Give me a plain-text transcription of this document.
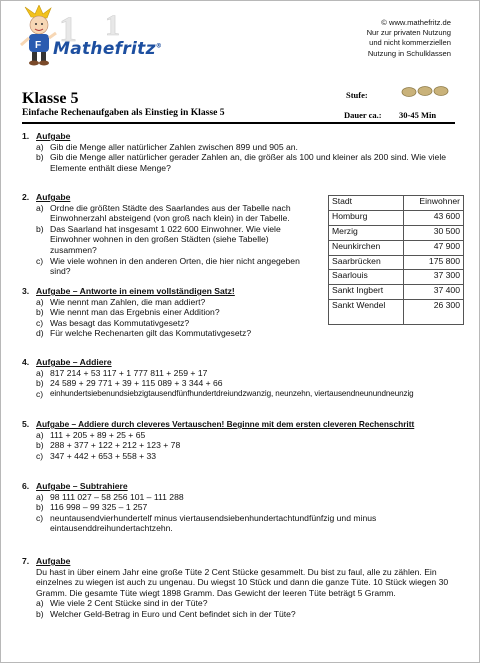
1 1
F Mathefritz®
© www.mathefritz.de
Nur zur privaten Nutzung
und nicht kommerziellen
Nutzung in Schulklassen
Klasse 5
Einfache Rechenaufgaben als Einstieg in Klasse 5
Stufe:
Dauer ca.: 30-45 Min
1. Aufgabe
a) Gib die Menge aller natürlicher Zahlen zwischen 899 und 905 an.
b) Gib die Menge aller natürlicher gerader Zahlen an, die größer als 100 und kleiner als 200 sind. Wie viele Elemente enthält diese Menge?
2. Aufgabe
a) Ordne die größten Städte des Saarlandes aus der Tabelle nach Einwohnerzahl absteigend (von groß nach klein) in der Tabelle.
b) Das Saarland hat insgesamt 1 022 600 Einwohner. Wie viele Einwohner wohnen in den großen Städten (siehe Tabelle) zusammen?
c) Wie viele wohnen in den anderen Orten, die hier nicht angegeben sind?
Stadt	Einwohner
Homburg	43 600
Merzig	30 500
Neunkirchen	47 900
Saarbrücken	175 800
Saarlouis	37 300
Sankt Ingbert	37 400
Sankt Wendel	26 300
3. Aufgabe – Antworte in einem vollständigen Satz!
a) Wie nennt man Zahlen, die man addiert?
b) Wie nennt man das Ergebnis einer Addition?
c) Was besagt das Kommutativgesetz?
d) Für welche Rechenarten gilt das Kommutativgesetz?
4. Aufgabe – Addiere
a) 817 214 + 53 117 + 1 777 811 + 259 + 17
b) 24 589 + 29 771 + 39 + 115 089 + 3 344 + 66
c) einhundertsiebenundsiebzigtausendfünfhundertdreiundzwanzig, neunzehn, viertausendneunundneunzig
5. Aufgabe – Addiere durch cleveres Vertauschen! Beginne mit dem ersten cleveren Rechenschritt
a) 111 + 205 + 89 + 25 + 65
b) 288 + 377 + 122 + 212 + 123 + 78
c) 347 + 442 + 653 + 558 + 33
6. Aufgabe – Subtrahiere
a) 98 111 027 – 58 256 101 – 111 288
b) 116 998 – 99 325 – 1 257
c) neuntausendvierhundertelf minus viertausendsiebenhundertachtundfünfzig und minus eintausenddreihundertachtzehn.
7. Aufgabe
Du hast in über einem Jahr eine große Tüte 2 Cent Stücke gesammelt. Du bist zu faul, alle zu zählen. Ein einzelnes zu wiegen ist auch zu ungenau. Du wiegst 10 Stück und dann die ganze Tüte. 10 Stück wiegen 30 Gramm. Die gesamte Tüte wiegt 1898 Gramm. Das Gewicht der leeren Tüte beträgt 5 Gramm.
a) Wie viele 2 Cent Stücke sind in der Tüte?
b) Welcher Geld-Betrag in Euro und Cent befindet sich in der Tüte?
